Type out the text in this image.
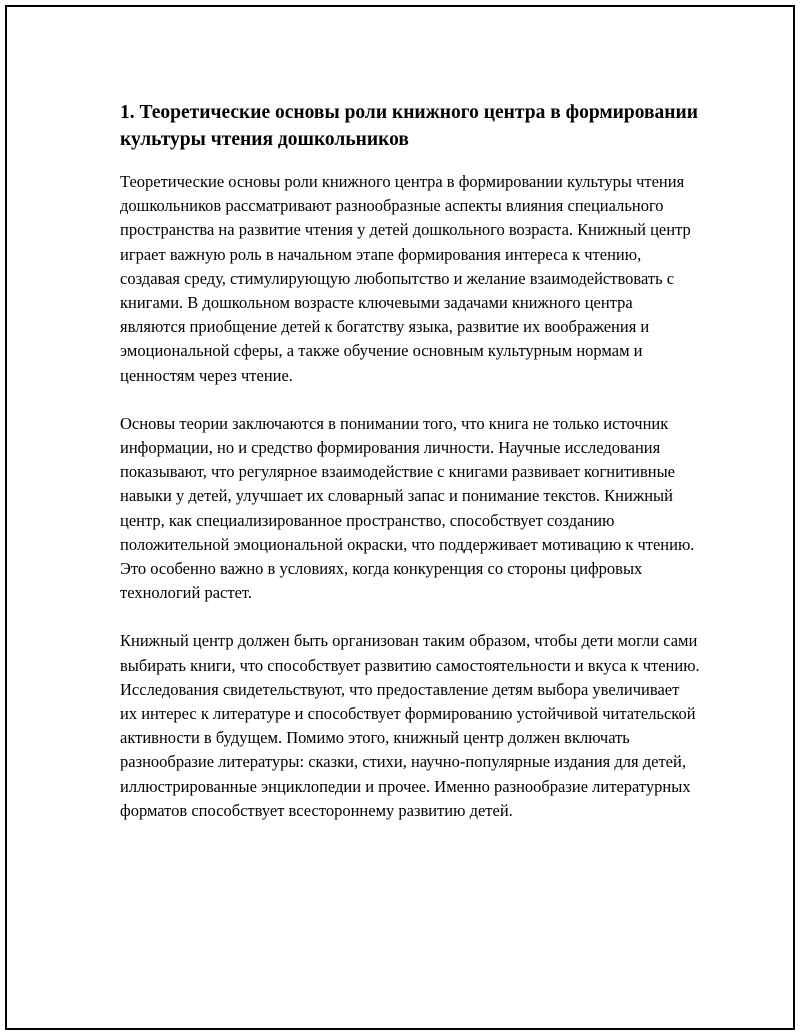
1. Теоретические основы роли книжного центра в формировании культуры чтения дошкольников

Теоретические основы роли книжного центра в формировании культуры чтения дошкольников рассматривают разнообразные аспекты влияния специального пространства на развитие чтения у детей дошкольного возраста. Книжный центр играет важную роль в начальном этапе формирования интереса к чтению, создавая среду, стимулирующую любопытство и желание взаимодействовать с книгами. В дошкольном возрасте ключевыми задачами книжного центра являются приобщение детей к богатству языка, развитие их воображения и эмоциональной сферы, а также обучение основным культурным нормам и ценностям через чтение.

Основы теории заключаются в понимании того, что книга не только источник информации, но и средство формирования личности. Научные исследования показывают, что регулярное взаимодействие с книгами развивает когнитивные навыки у детей, улучшает их словарный запас и понимание текстов. Книжный центр, как специализированное пространство, способствует созданию положительной эмоциональной окраски, что поддерживает мотивацию к чтению. Это особенно важно в условиях, когда конкуренция со стороны цифровых технологий растет.

Книжный центр должен быть организован таким образом, чтобы дети могли сами выбирать книги, что способствует развитию самостоятельности и вкуса к чтению. Исследования свидетельствуют, что предоставление детям выбора увеличивает их интерес к литературе и способствует формированию устойчивой читательской активности в будущем. Помимо этого, книжный центр должен включать разнообразие литературы: сказки, стихи, научно-популярные издания для детей, иллюстрированные энциклопедии и прочее. Именно разнообразие литературных форматов способствует всестороннему развитию детей.
